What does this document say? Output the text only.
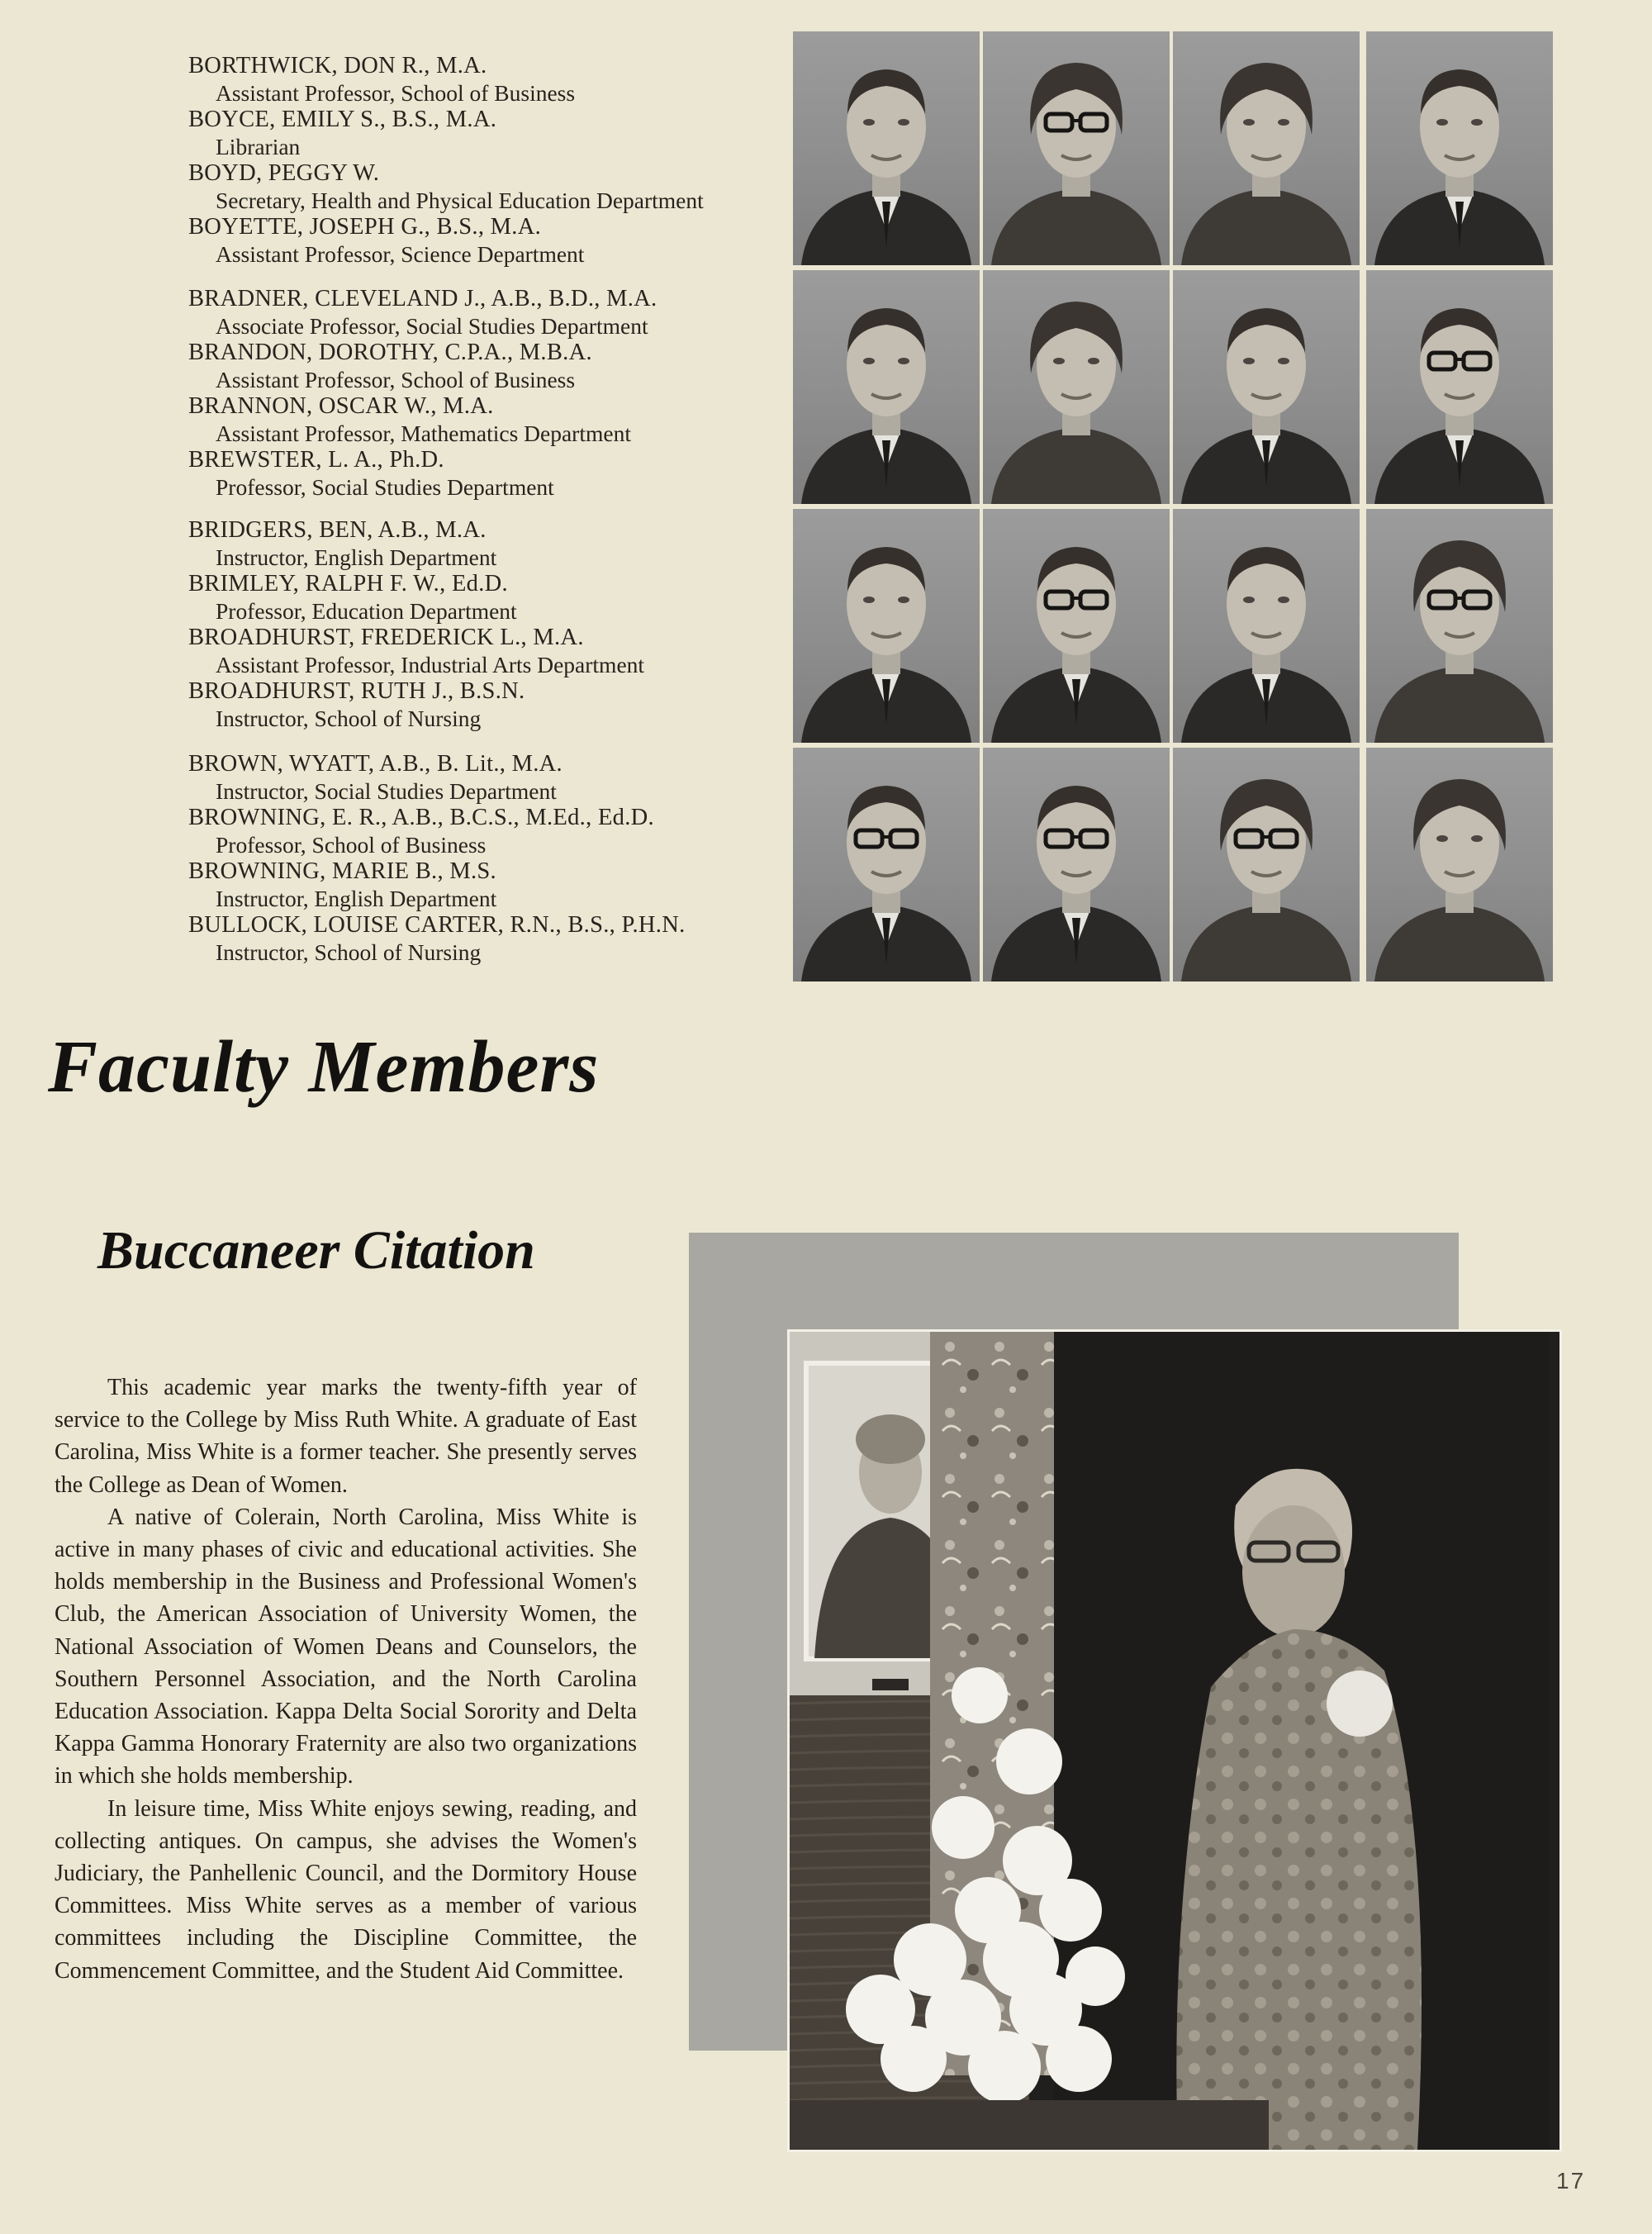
BORTHWICK, DON R., M.A.
Assistant Professor, School of Business
BOYCE, EMILY S., B.S., M.A.
Librarian
BOYD, PEGGY W.
Secretary, Health and Physical Education Department
BOYETTE, JOSEPH G., B.S., M.A.
Assistant Professor, Science Department
BRADNER, CLEVELAND J., A.B., B.D., M.A.
Associate Professor, Social Studies Department
BRANDON, DOROTHY, C.P.A., M.B.A.
Assistant Professor, School of Business
BRANNON, OSCAR W., M.A.
Assistant Professor, Mathematics Department
BREWSTER, L. A., Ph.D.
Professor, Social Studies Department
BRIDGERS, BEN, A.B., M.A.
Instructor, English Department
BRIMLEY, RALPH F. W., Ed.D.
Professor, Education Department
BROADHURST, FREDERICK L., M.A.
Assistant Professor, Industrial Arts Department
BROADHURST, RUTH J., B.S.N.
Instructor, School of Nursing
BROWN, WYATT, A.B., B. Lit., M.A.
Instructor, Social Studies Department
BROWNING, E. R., A.B., B.C.S., M.Ed., Ed.D.
Professor, School of Business
BROWNING, MARIE B., M.S.
Instructor, English Department
BULLOCK, LOUISE CARTER, R.N., B.S., P.H.N.
Instructor, School of Nursing
Faculty Members
Buccaneer Citation

This academic year marks the twenty-fifth year of service to the College by Miss Ruth White. A graduate of East Carolina, Miss White is a former teacher. She presently serves the College as Dean of Women.

A native of Colerain, North Carolina, Miss White is active in many phases of civic and educational activities. She holds membership in the Business and Professional Women's Club, the American Association of University Women, the National Association of Women Deans and Counselors, the Southern Personnel Association, and the North Carolina Education Association. Kappa Delta Social Sorority and Delta Kappa Gamma Honorary Fraternity are also two organizations in which she holds membership.

In leisure time, Miss White enjoys sewing, reading, and collecting antiques. On campus, she advises the Women's Judiciary, the Panhellenic Council, and the Dormitory House Committees. Miss White serves as a member of various committees including the Discipline Committee, the Commencement Committee, and the Student Aid Committee.

17
